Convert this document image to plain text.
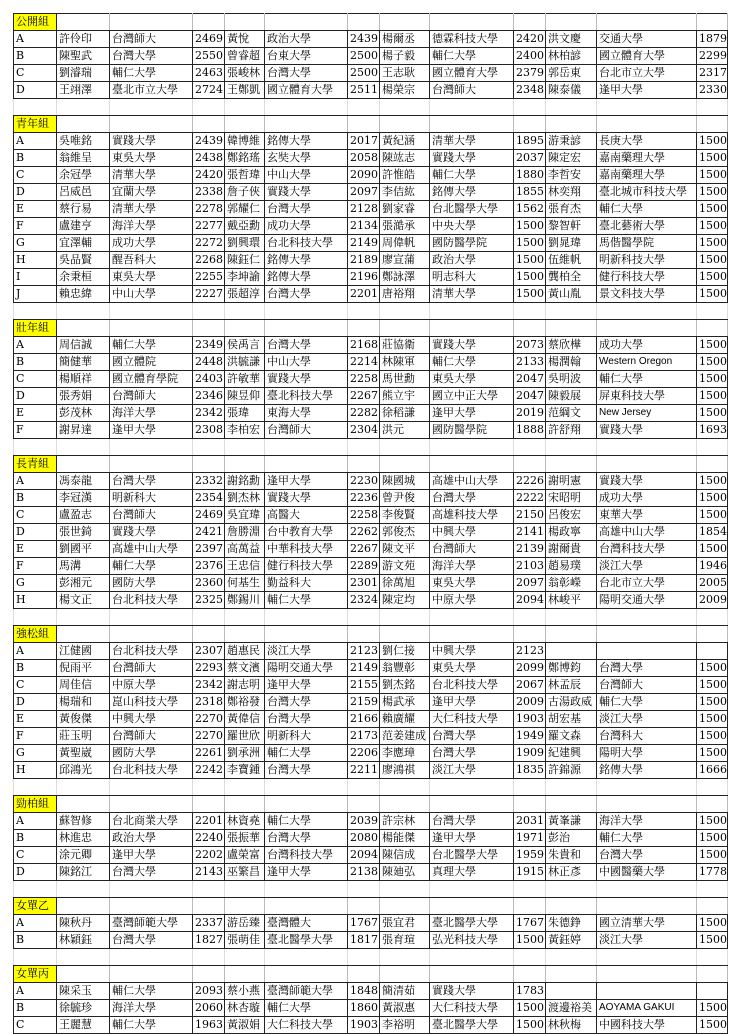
公開組												
A	許伶印	台灣師大	2469	黃悅	政治大學	2439	楊爾丞	德霖科技大學	2420	洪文慶	交通大學	1879
B	陳聖武	台灣大學	2550	曾睿超	台東大學	2500	楊子毅	輔仁大學	2400	林柏諺	國立體育大學	2299
C	劉濬瑞	輔仁大學	2463	張峻林	台灣大學	2500	王志耿	國立體育大學	2379	郭岳東	台北市立大學	2317
D	王翊澤	臺北市立大學	2724	王鄭凱	國立體育大學	2511	楊榮宗	台灣師大	2348	陳泰儀	逢甲大學	2330

青年組												
A	吳唯銘	實踐大學	2439	韓博維	銘傳大學	2017	黃紀涵	清華大學	1895	游秉諺	長庚大學	1500
B	翁維呈	東吳大學	2438	鄭銘瑤	玄奘大學	2058	陳竑志	實踐大學	2037	陳定宏	嘉南藥理大學	1500
C	余冠學	清華大學	2420	張哲瑋	中山大學	2090	許惟皓	輔仁大學	1880	李哲安	嘉南藥理大學	1500
D	呂威邑	宜蘭大學	2338	詹子俠	實踐大學	2097	李佶紘	銘傳大學	1855	林奕翔	臺北城市科技大學	1500
E	蔡行易	清華大學	2278	郭耀仁	台灣大學	2128	劉家睿	台北醫學大學	1562	張育杰	輔仁大學	1500
F	盧建亨	海洋大學	2277	戴亞勳	成功大學	2134	張澔承	中央大學	1500	黎智軒	臺北藝術大學	1500
G	宜澤輔	成功大學	2272	劉興環	台北科技大學	2149	周偉帆	國防醫學院	1500	劉晁瑋	馬偕醫學院	1500
H	吳品賢	醒吾科大	2268	陳鈺仁	銘傳大學	2189	廖宣蒲	政治大學	1500	伍維帆	明新科技大學	1500
I	余秉桓	東吳大學	2255	李坤諭	銘傳大學	2196	鄭詠澤	明志科大	1500	龔柏全	健行科技大學	1500
J	賴忠緯	中山大學	2227	張超淳	台灣大學	2201	唐裕翔	清華大學	1500	黃山胤	景文科技大學	1500

壯年組												
A	周信誠	輔仁大學	2349	侯禹言	台灣大學	2168	莊協衛	實踐大學	2073	蔡欣樺	成功大學	1500
B	簡健華	國立體院	2448	洪毓謙	中山大學	2214	林陳軍	輔仁大學	2133	楊潤翰	Western Oregon	1500
C	楊順祥	國立體育學院	2403	許敏華	實踐大學	2258	馬世勳	東吳大學	2047	吳明波	輔仁大學	1500
D	張秀娟	台灣師大	2346	陳昱仰	臺北科技大學	2267	熊立宇	國立中正大學	2047	陳毅展	屏東科技大學	1500
E	彭茂林	海洋大學	2342	張瑋	東海大學	2282	徐稻謙	逢甲大學	2019	范綱文	New Jersey	1500
F	謝昇達	逢甲大學	2308	李柏宏	台灣師大	2304	洪元	國防醫學院	1888	許舒翔	實踐大學	1693

長青組												
A	馮泰龍	台灣大學	2332	謝銘勳	逢甲大學	2230	陳國城	高雄中山大學	2226	謝明憲	實踐大學	1500
B	李冠漢	明新科大	2354	劉杰林	實踐大學	2236	曾尹俊	台灣大學	2222	宋昭明	成功大學	1500
C	盧盈志	台灣師大	2469	吳宜瑋	高醫大	2258	李俊賢	高雄科技大學	2150	呂俊宏	東華大學	1500
D	張世錡	實踐大學	2421	詹勝淵	台中教育大學	2262	郭俊杰	中興大學	2141	楊政寧	高雄中山大學	1854
E	劉國平	高雄中山大學	2397	高萬益	中華科技大學	2267	陳文平	台灣師大	2139	謝爾貴	台灣科技大學	1500
F	馬溝	輔仁大學	2376	王忠信	健行科技大學	2289	游文苑	海洋大學	2103	趙易璞	淡江大學	1946
G	彭湘元	國防大學	2360	何基生	勤益科大	2301	徐萬旭	東吳大學	2097	翁彰嶸	台北市立大學	2005
H	楊文正	台北科技大學	2325	鄭錫川	輔仁大學	2324	陳定均	中原大學	2094	林峻平	陽明交通大學	2009

強松組												
A	江健國	台北科技大學	2307	趙惠民	淡江大學	2123	劉仁接	中興大學	2123			
B	倪雨平	台灣師大	2293	蔡文濱	陽明交通大學	2149	翁豐彰	東吳大學	2099	鄭博鈞	台灣大學	1500
C	周佳信	中原大學	2342	謝志明	逢甲大學	2155	劉杰銘	台北科技大學	2067	林孟辰	台灣師大	1500
D	楊瑞和	崑山科技大學	2318	鄭裕發	台灣大學	2159	楊武承	逢甲大學	2009	古湯政威	輔仁大學	1500
E	黃俊傑	中興大學	2270	黃偉信	台灣大學	2166	賴廣耀	大仁科技大學	1903	胡宏基	淡江大學	1500
F	莊玉明	台灣師大	2270	羅世欣	明新科大	2173	范姜建成	台灣大學	1949	羅文森	台灣科大	1500
G	黃聖崴	國防大學	2261	劉承洲	輔仁大學	2206	李應璋	台灣大學	1909	紀建興	陽明大學	1500
H	邱鴻光	台北科技大學	2242	李寶鍾	台灣大學	2211	廖鴻祺	淡江大學	1835	許錦源	銘傳大學	1666

勁柏組												
A	蘇智修	台北商業大學	2201	林資堯	輔仁大學	2039	許宗林	台灣大學	2031	黃峯謙	海洋大學	1500
B	林進忠	政治大學	2240	張振華	台灣大學	2080	楊能傑	逢甲大學	1971	彭治	輔仁大學	1500
C	涂元卿	逢甲大學	2202	盧榮富	台灣科技大學	2094	陳信成	台北醫學大學	1959	朱貴和	台灣大學	1500
D	陳銘江	台灣大學	2143	巫繁昌	逢甲大學	2138	陳廸弘	真理大學	1915	林正彥	中國醫藥大學	1778

女單乙												
A	陳秋丹	臺灣師範大學	2337	游岳臻	臺灣體大	1767	張宜君	臺北醫學大學	1767	朱德錚	國立清華大學	1500
B	林穎鈺	台灣大學	1827	張萌佳	臺北醫學大學	1817	張育瑄	弘光科技大學	1500	黃鈺婷	淡江大學	1500

女單丙												
A	陳采玉	輔仁大學	2093	蔡小燕	臺灣師範大學	1848	簡清茹	實踐大學	1783			
B	徐毓珍	海洋大學	2060	林杏璇	輔仁大學	1860	黃淑惠	大仁科技大學	1500	渡邊裕美	AOYAMA GAKUI	1500
C	王麗慧	輔仁大學	1963	黃淑娟	大仁科技大學	1903	李裕明	臺北醫學大學	1500	林秋梅	中國科技大學	1500
